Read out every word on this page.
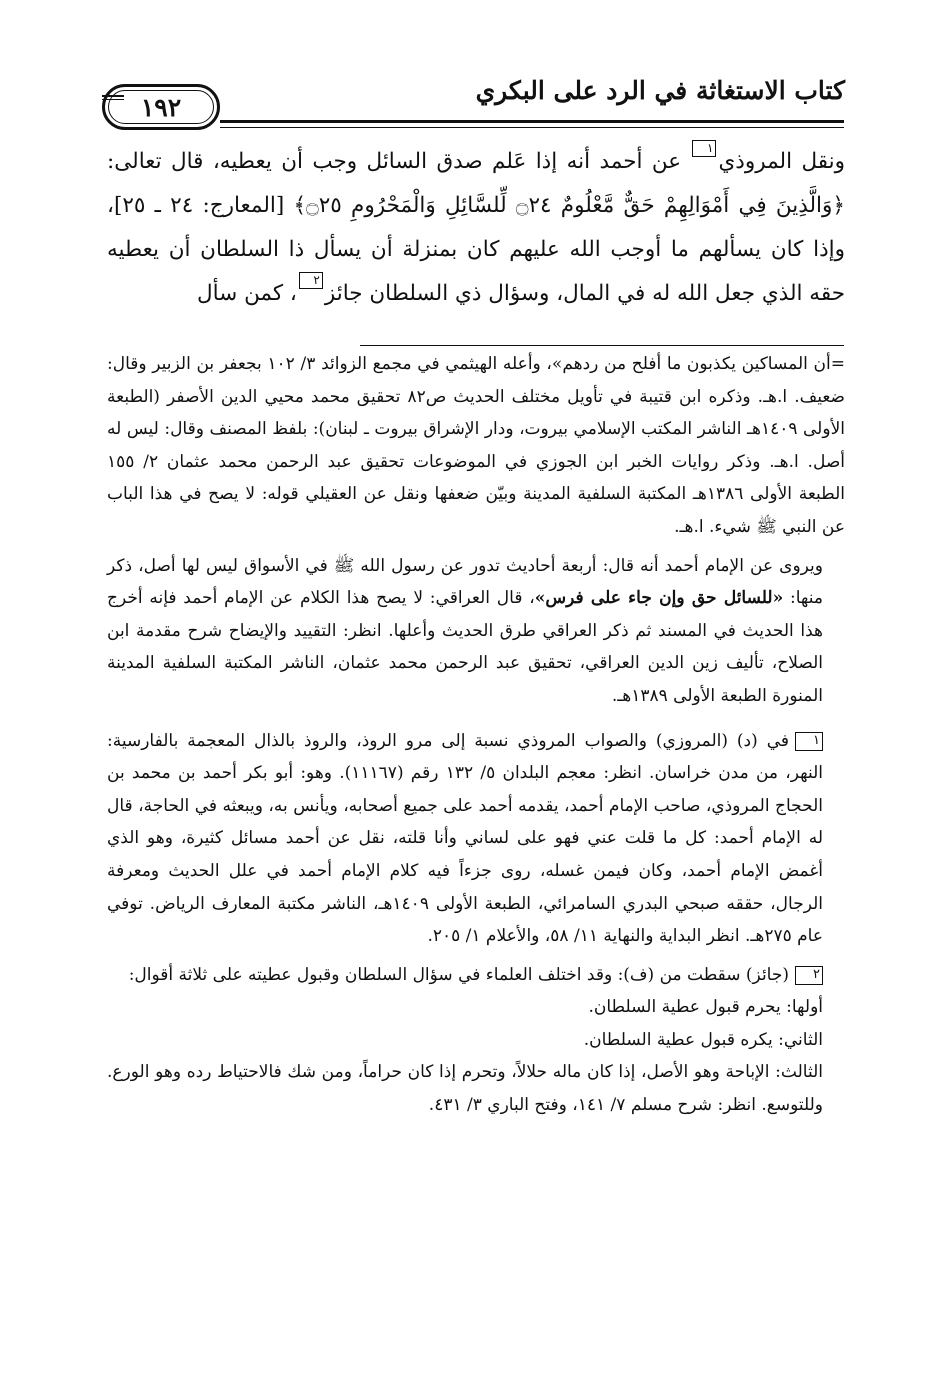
كتاب الاستغاثة في الرد على البكري
١٩٢

ونقل المروذي١ عن أحمد أنه إذا عَلم صدق السائل وجب أن يعطيه، قال تعالى: ﴿وَالَّذِينَ فِي أَمْوَالِهِمْ حَقٌّ مَّعْلُومٌ ۝٢٤ لِّلسَّائِلِ وَالْمَحْرُومِ ۝٢٥﴾ [المعارج: ٢٤ ـ ٢٥]، وإذا كان يسألهم ما أوجب الله عليهم كان بمنزلة أن يسأل ذا السلطان أن يعطيه حقه الذي جعل الله له في المال، وسؤال ذي السلطان جائز٢، كمن سأل

=أن المساكين يكذبون ما أفلح من ردهم»، وأعله الهيثمي في مجمع الزوائد ٣/ ١٠٢ بجعفر بن الزبير وقال: ضعيف. ا.هـ. وذكره ابن قتيبة في تأويل مختلف الحديث ص٨٢ تحقيق محمد محيي الدين الأصفر (الطبعة الأولى ١٤٠٩هـ الناشر المكتب الإسلامي بيروت، ودار الإشراق بيروت ـ لبنان): بلفظ المصنف وقال: ليس له أصل. ا.هـ. وذكر روايات الخبر ابن الجوزي في الموضوعات تحقيق عبد الرحمن محمد عثمان ٢/ ١٥٥ الطبعة الأولى ١٣٨٦هـ المكتبة السلفية المدينة وبيّن ضعفها ونقل عن العقيلي قوله: لا يصح في هذا الباب عن النبي ﷺ شيء. ا.هـ.

ويروى عن الإمام أحمد أنه قال: أربعة أحاديث تدور عن رسول الله ﷺ في الأسواق ليس لها أصل، ذكر منها: «للسائل حق وإن جاء على فرس»، قال العراقي: لا يصح هذا الكلام عن الإمام أحمد فإنه أخرج هذا الحديث في المسند ثم ذكر العراقي طرق الحديث وأعلها. انظر: التقييد والإيضاح شرح مقدمة ابن الصلاح، تأليف زين الدين العراقي، تحقيق عبد الرحمن محمد عثمان، الناشر المكتبة السلفية المدينة المنورة الطبعة الأولى ١٣٨٩هـ.

١في (د) (المروزي) والصواب المروذي نسبة إلى مرو الروذ، والروذ بالذال المعجمة بالفارسية: النهر، من مدن خراسان. انظر: معجم البلدان ٥/ ١٣٢ رقم (١١١٦٧). وهو: أبو بكر أحمد بن محمد بن الحجاج المروذي، صاحب الإمام أحمد، يقدمه أحمد على جميع أصحابه، ويأنس به، ويبعثه في الحاجة، قال له الإمام أحمد: كل ما قلت عني فهو على لساني وأنا قلته، نقل عن أحمد مسائل كثيرة، وهو الذي أغمض الإمام أحمد، وكان فيمن غسله، روى جزءاً فيه كلام الإمام أحمد في علل الحديث ومعرفة الرجال، حققه صبحي البدري السامرائي، الطبعة الأولى ١٤٠٩هـ، الناشر مكتبة المعارف الرياض. توفي عام ٢٧٥هـ. انظر البداية والنهاية ١١/ ٥٨، والأعلام ١/ ٢٠٥.

٢(جائز) سقطت من (ف): وقد اختلف العلماء في سؤال السلطان وقبول عطيته على ثلاثة أقوال:

أولها: يحرم قبول عطية السلطان.

الثاني: يكره قبول عطية السلطان.

الثالث: الإباحة وهو الأصل، إذا كان ماله حلالاً، وتحرم إذا كان حراماً، ومن شك فالاحتياط رده وهو الورع. وللتوسع. انظر: شرح مسلم ٧/ ١٤١، وفتح الباري ٣/ ٤٣١.
